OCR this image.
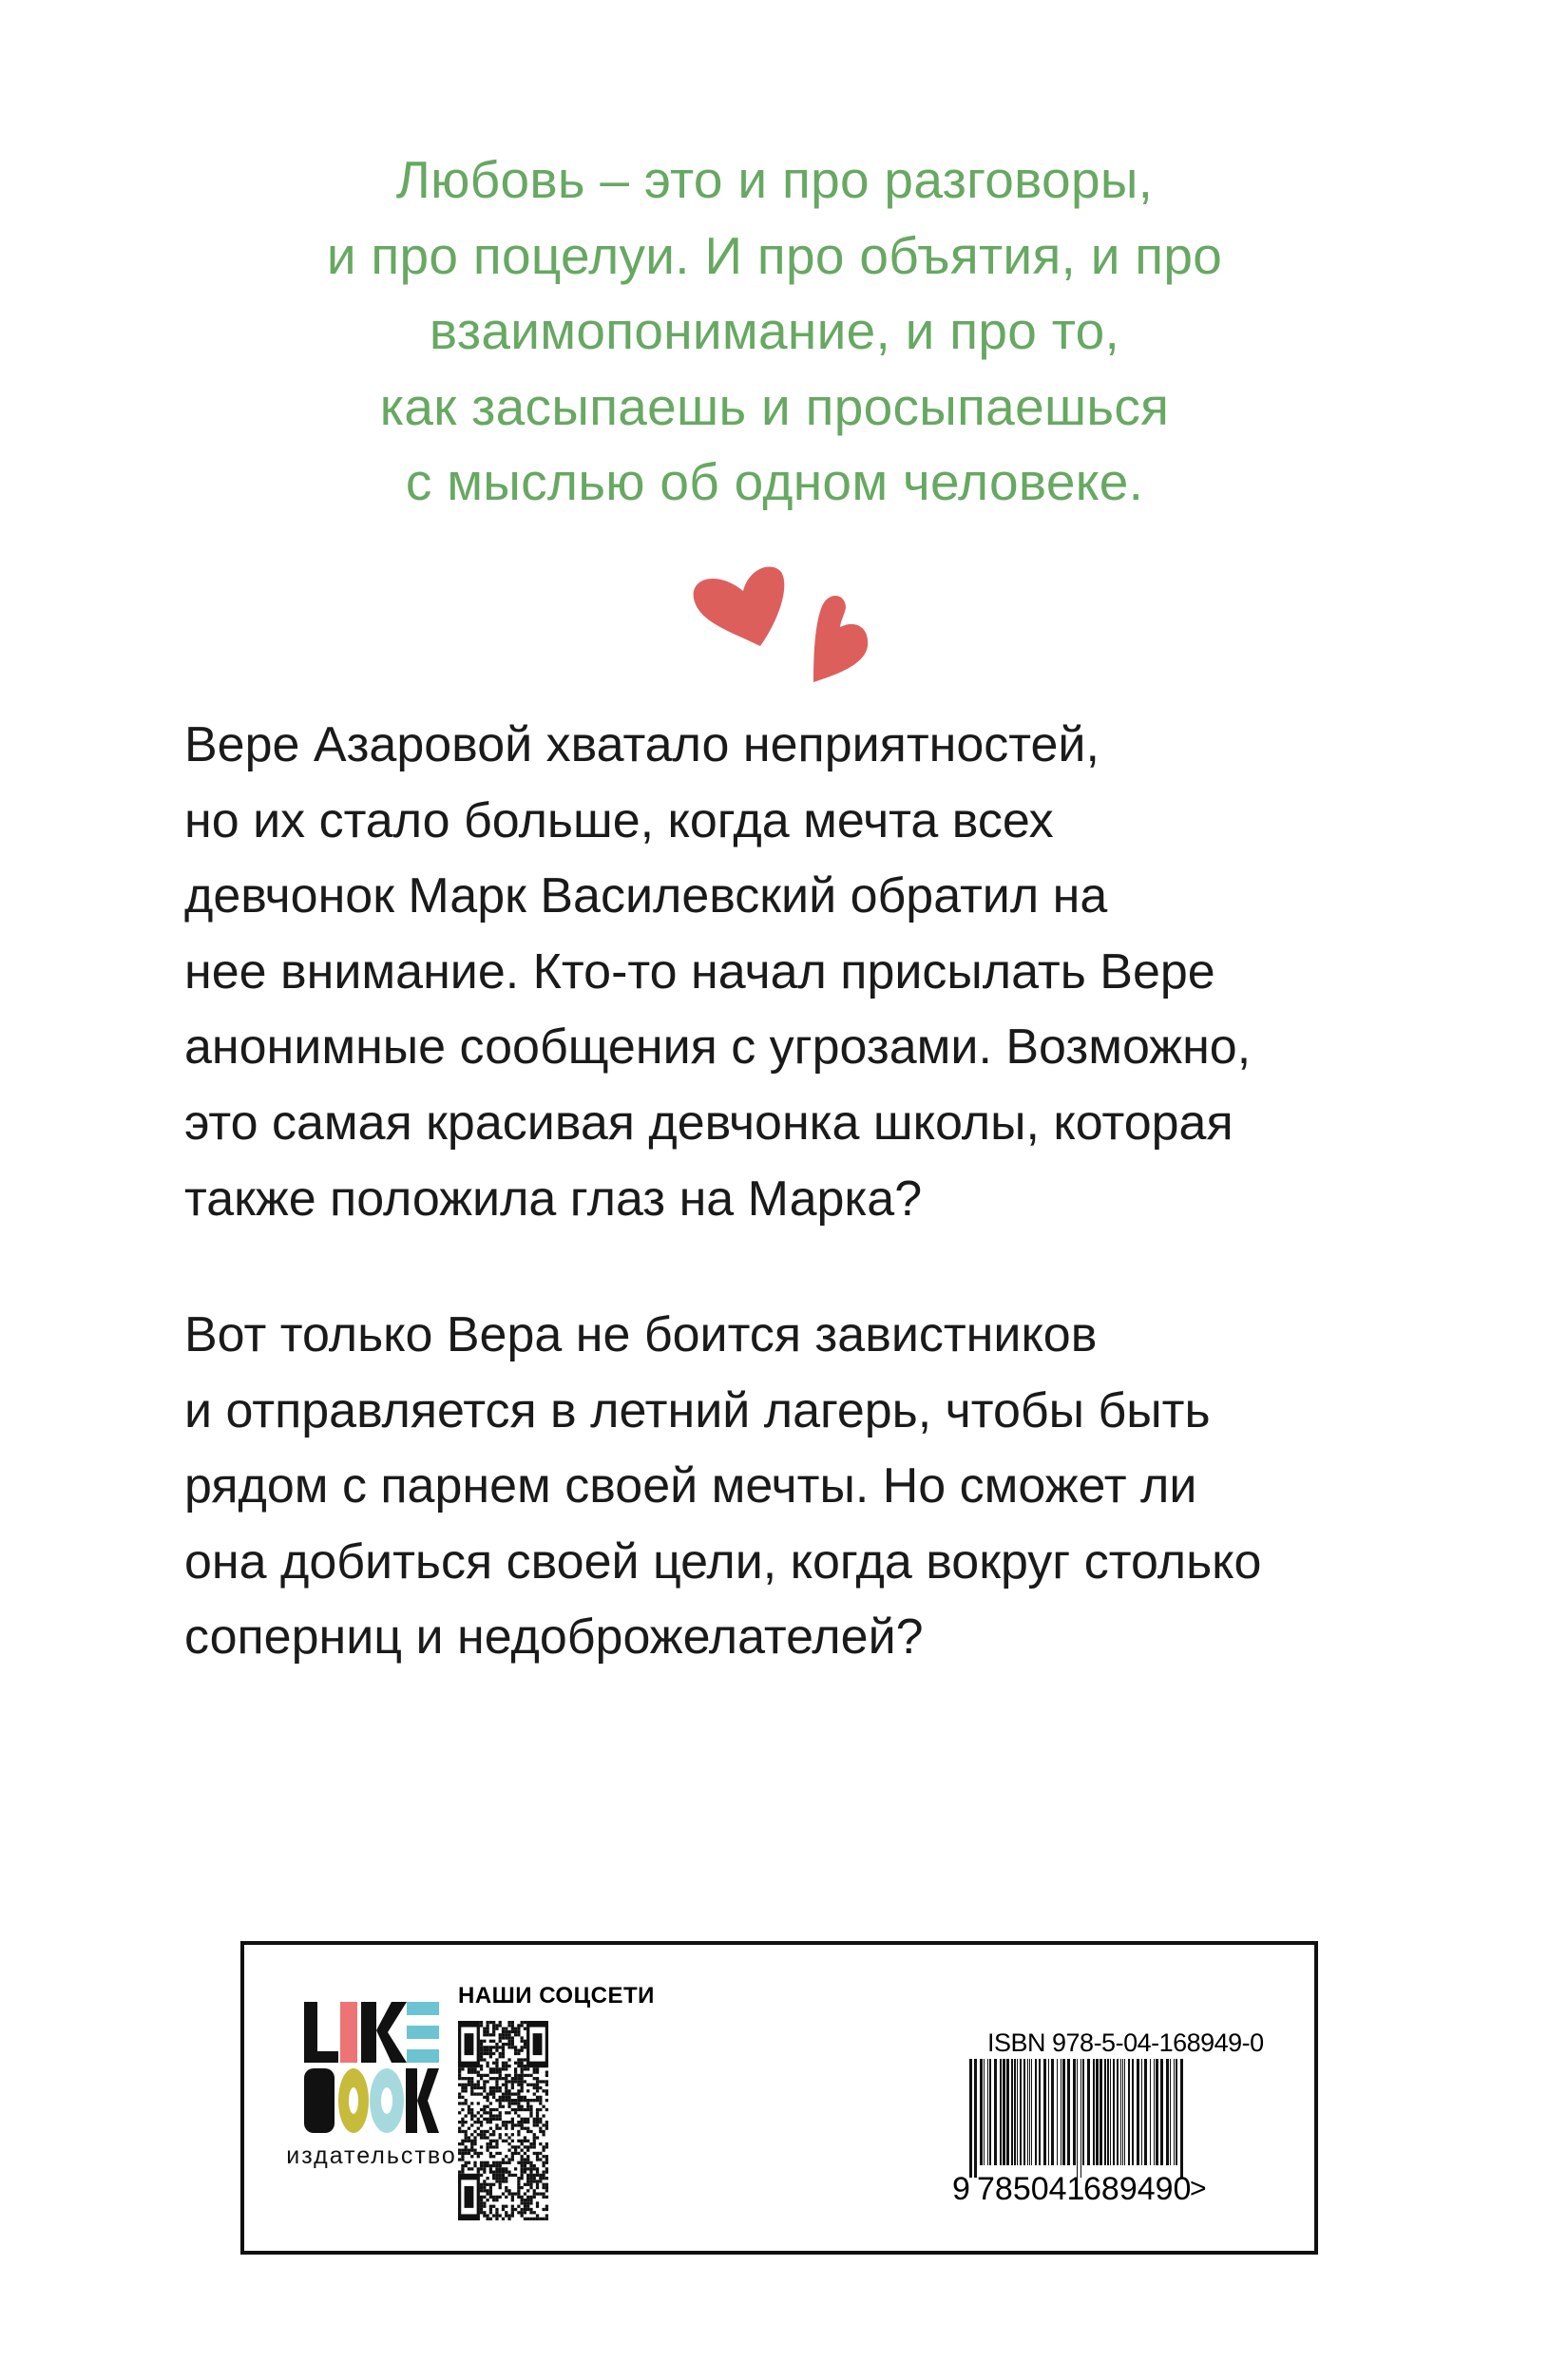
Любовь – это и про разговоры,
и про поцелуи. И про объятия, и про
взаимопонимание, и про то,
как засыпаешь и просыпаешься
с мыслью об одном человеке.
Вере Азаровой хватало неприятностей,
но их стало больше, когда мечта всех
девчонок Марк Василевский обратил на
нее внимание. Кто-то начал присылать Вере
анонимные сообщения с угрозами. Возможно,
это самая красивая девчонка школы, которая
также положила глаз на Марка?
Вот только Вера не боится завистников
и отправляется в летний лагерь, чтобы быть
рядом с парнем своей мечты. Но сможет ли
она добиться своей цели, когда вокруг столько
соперниц и недоброжелателей?
издательство
НАШИ СОЦСЕТИ
ISBN 978-5-04-168949-0
9 785041
689490
>
